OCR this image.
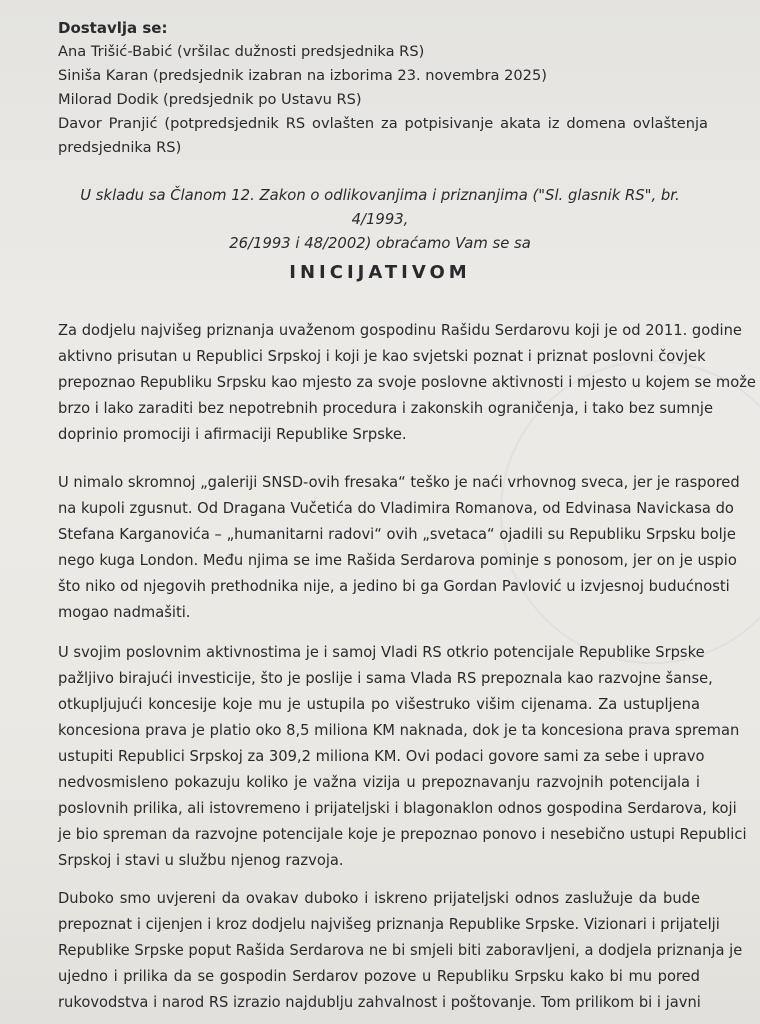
Dostavlja se:
Ana Trišić-Babić (vršilac dužnosti predsjednika RS)
Siniša Karan (predsjednik izabran na izborima 23. novembra 2025)
Milorad Dodik (predsjednik po Ustavu RS)
Davor Pranjić (potpredsjednik RS ovlašten za potpisivanje akata iz domena ovlaštenja
predsjednika RS)
U skladu sa Članom 12. Zakon o odlikovanjima i priznanjima ("Sl. glasnik RS", br. 4/1993,
26/1993 i 48/2002) obraćamo Vam se sa
INICIJATIVOM
Za dodjelu najvišeg priznanja uvaženom gospodinu Rašidu Serdarovu koji je od 2011. godine
aktivno prisutan u Republici Srpskoj i koji je kao svjetski poznat i priznat poslovni čovjek
prepoznao Republiku Srpsku kao mjesto za svoje poslovne aktivnosti i mjesto u kojem se može
brzo i lako zaraditi bez nepotrebnih procedura i zakonskih ograničenja, i tako bez sumnje
doprinio promociji i afirmaciji Republike Srpske.
U nimalo skromnoj „galeriji SNSD-ovih fresaka“ teško je naći vrhovnog sveca, jer je raspored
na kupoli zgusnut. Od Dragana Vučetića do Vladimira Romanova, od Edvinasa Navickasa do
Stefana Karganovića – „humanitarni radovi“ ovih „svetaca“ ojadili su Republiku Srpsku bolje
nego kuga London. Među njima se ime Rašida Serdarova pominje s ponosom, jer on je uspio
što niko od njegovih prethodnika nije, a jedino bi ga Gordan Pavlović u izvjesnoj budućnosti
mogao nadmašiti.
U svojim poslovnim aktivnostima je i samoj Vladi RS otkrio potencijale Republike Srpske
pažljivo birajući investicije, što je poslije i sama Vlada RS prepoznala kao razvojne šanse,
otkupljujući koncesije koje mu je ustupila po višestruko višim cijenama. Za ustupljena
koncesiona prava je platio oko 8,5 miliona KM naknada, dok je ta koncesiona prava spreman
ustupiti Republici Srpskoj za 309,2 miliona KM. Ovi podaci govore sami za sebe i upravo
nedvosmisleno pokazuju koliko je važna vizija u prepoznavanju razvojnih potencijala i
poslovnih prilika, ali istovremeno i prijateljski i blagonaklon odnos gospodina Serdarova, koji
je bio spreman da razvojne potencijale koje je prepoznao ponovo i nesebično ustupi Republici
Srpskoj i stavi u službu njenog razvoja.
Duboko smo uvjereni da ovakav duboko i iskreno prijateljski odnos zaslužuje da bude
prepoznat i cijenjen i kroz dodjelu najvišeg priznanja Republike Srpske. Vizionari i prijatelji
Republike Srpske poput Rašida Serdarova ne bi smjeli biti zaboravljeni, a dodjela priznanja je
ujedno i prilika da se gospodin Serdarov pozove u Republiku Srpsku kako bi mu pored
rukovodstva i narod RS izrazio najdublju zahvalnost i poštovanje. Tom prilikom bi i javni
